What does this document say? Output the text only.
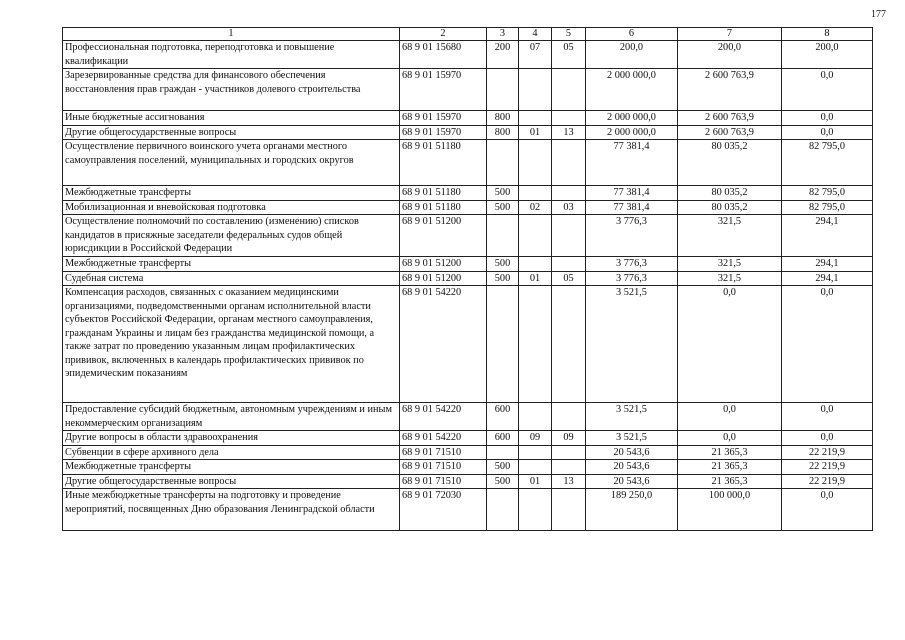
177
1	2	3	4	5	6	7	8
Профессиональная подготовка, переподготовка и повышение квалификации	68 9 01 15680	200	07	05	200,0	200,0	200,0
Зарезервированные средства для финансового обеспечения восстановления прав граждан - участников долевого строительства	68 9 01 15970				2 000 000,0	2 600 763,9	0,0
Иные бюджетные ассигнования	68 9 01 15970	800			2 000 000,0	2 600 763,9	0,0
Другие общегосударственные вопросы	68 9 01 15970	800	01	13	2 000 000,0	2 600 763,9	0,0
Осуществление первичного воинского учета органами местного самоуправления поселений, муниципальных и городских округов	68 9 01 51180				77 381,4	80 035,2	82 795,0
Межбюджетные трансферты	68 9 01 51180	500			77 381,4	80 035,2	82 795,0
Мобилизационная и вневойсковая подготовка	68 9 01 51180	500	02	03	77 381,4	80 035,2	82 795,0
Осуществление полномочий по составлению (изменению) списков кандидатов в присяжные заседатели федеральных судов общей юрисдикции в Российской Федерации	68 9 01 51200				3 776,3	321,5	294,1
Межбюджетные трансферты	68 9 01 51200	500			3 776,3	321,5	294,1
Судебная система	68 9 01 51200	500	01	05	3 776,3	321,5	294,1
Компенсация расходов, связанных с оказанием медицинскими организациями, подведомственными органам исполнительной власти субъектов Российской Федерации, органам местного самоуправления, гражданам Украины и лицам без гражданства медицинской помощи, а также затрат по проведению указанным лицам профилактических прививок, включенных в календарь профилактических прививок по эпидемическим показаниям	68 9 01 54220				3 521,5	0,0	0,0
Предоставление субсидий бюджетным, автономным учреждениям и иным некоммерческим организациям	68 9 01 54220	600			3 521,5	0,0	0,0
Другие вопросы в области здравоохранения	68 9 01 54220	600	09	09	3 521,5	0,0	0,0
Субвенции в сфере архивного дела	68 9 01 71510				20 543,6	21 365,3	22 219,9
Межбюджетные трансферты	68 9 01 71510	500			20 543,6	21 365,3	22 219,9
Другие общегосударственные вопросы	68 9 01 71510	500	01	13	20 543,6	21 365,3	22 219,9
Иные межбюджетные трансферты на подготовку и проведение мероприятий, посвященных Дню образования Ленинградской области	68 9 01 72030				189 250,0	100 000,0	0,0
